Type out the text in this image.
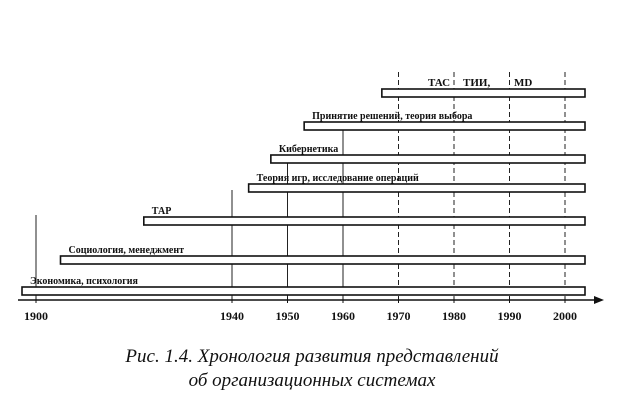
ТАС ТИИ, MD
Принятие решений, теория выбора
Кибернетика
Теория игр, исследование операций
ТАР
Социология, менеджмент
Экономика, психология
1900	1940	1950	1960	1970	1980	1990	2000
Рис. 1.4. Хронология развития представлений
об организационных системах
